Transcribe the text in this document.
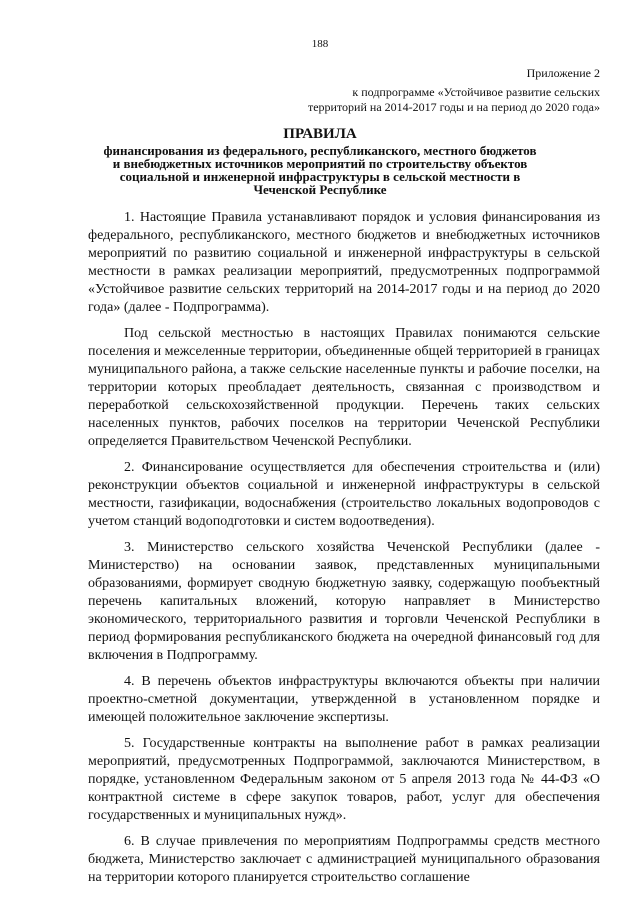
188
Приложение 2
к подпрограмме «Устойчивое развитие сельских
территорий на 2014-2017 годы и на период до 2020 года»
ПРАВИЛА
финансирования из федерального, республиканского, местного бюджетов и внебюджетных источников мероприятий по строительству объектов социальной и инженерной инфраструктуры в сельской местности в Чеченской Республике

1. Настоящие Правила устанавливают порядок и условия финансирования из федерального, республиканского, местного бюджетов и внебюджетных источников мероприятий по развитию социальной и инженерной инфраструктуры в сельской местности в рамках реализации мероприятий, предусмотренных подпрограммой «Устойчивое развитие сельских территорий на 2014-2017 годы и на период до 2020 года» (далее - Подпрограмма).

Под сельской местностью в настоящих Правилах понимаются сельские поселения и межселенные территории, объединенные общей территорией в границах муниципального района, а также сельские населенные пункты и рабочие поселки, на территории которых преобладает деятельность, связанная с производством и переработкой сельскохозяйственной продукции. Перечень таких сельских населенных пунктов, рабочих поселков на территории Чеченской Республики определяется Правительством Чеченской Республики.

2. Финансирование осуществляется для обеспечения строительства и (или) реконструкции объектов социальной и инженерной инфраструктуры в сельской местности, газификации, водоснабжения (строительство локальных водопроводов с учетом станций водоподготовки и систем водоотведения).

3. Министерство сельского хозяйства Чеченской Республики (далее - Министерство) на основании заявок, представленных муниципальными образованиями, формирует сводную бюджетную заявку, содержащую пообъектный перечень капитальных вложений, которую направляет в Министерство экономического, территориального развития и торговли Чеченской Республики в период формирования республиканского бюджета на очередной финансовый год для включения в Подпрограмму.

4. В перечень объектов инфраструктуры включаются объекты при наличии проектно-сметной документации, утвержденной в установленном порядке и имеющей положительное заключение экспертизы.

5. Государственные контракты на выполнение работ в рамках реализации мероприятий, предусмотренных Подпрограммой, заключаются Министерством, в порядке, установленном Федеральным законом от 5 апреля 2013 года № 44-ФЗ «О контрактной системе в сфере закупок товаров, работ, услуг для обеспечения государственных и муниципальных нужд».

6. В случае привлечения по мероприятиям Подпрограммы средств местного бюджета, Министерство заключает с администрацией муниципального образования на территории которого планируется строительство соглашение
